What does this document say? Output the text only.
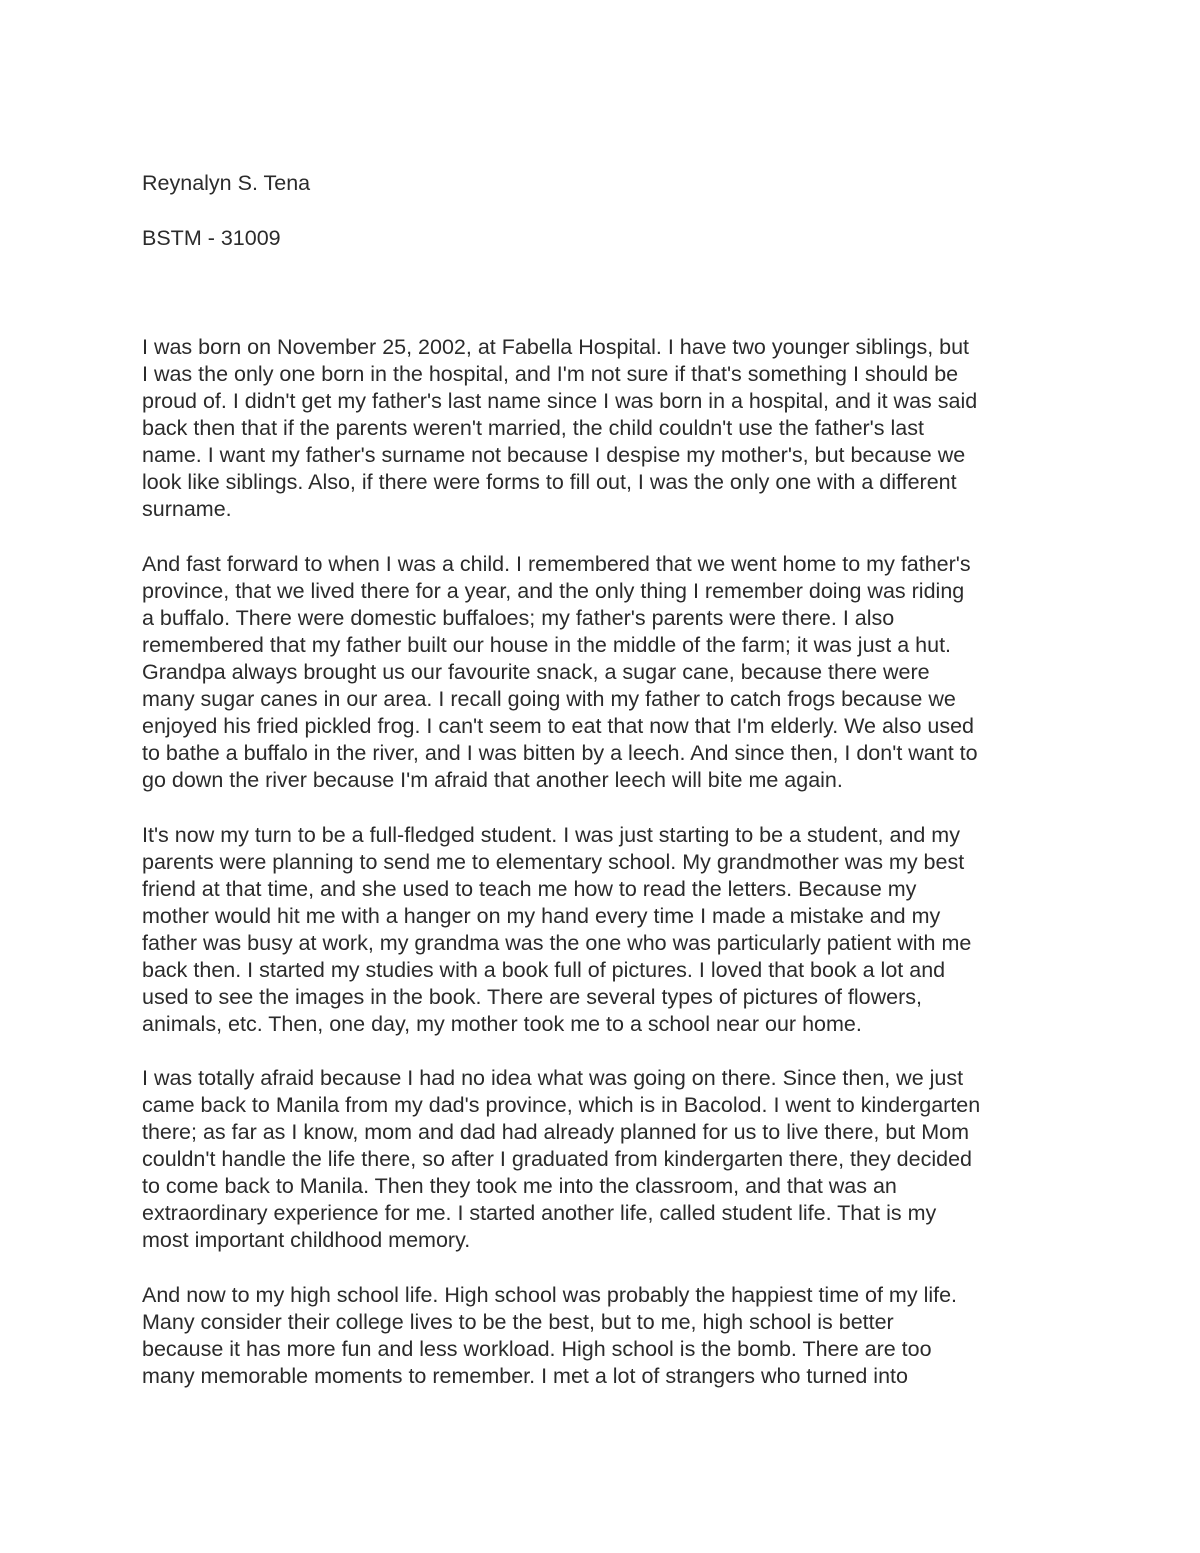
Reynalyn S. Tena
BSTM - 31009
I was born on November 25, 2002, at Fabella Hospital. I have two younger siblings, but
I was the only one born in the hospital, and I'm not sure if that's something I should be
proud of. I didn't get my father's last name since I was born in a hospital, and it was said
back then that if the parents weren't married, the child couldn't use the father's last
name. I want my father's surname not because I despise my mother's, but because we
look like siblings. Also, if there were forms to fill out, I was the only one with a different
surname.
And fast forward to when I was a child. I remembered that we went home to my father's
province, that we lived there for a year, and the only thing I remember doing was riding
a buffalo. There were domestic buffaloes; my father's parents were there. I also
remembered that my father built our house in the middle of the farm; it was just a hut.
Grandpa always brought us our favourite snack, a sugar cane, because there were
many sugar canes in our area. I recall going with my father to catch frogs because we
enjoyed his fried pickled frog. I can't seem to eat that now that I'm elderly. We also used
to bathe a buffalo in the river, and I was bitten by a leech. And since then, I don't want to
go down the river because I'm afraid that another leech will bite me again.
It's now my turn to be a full-fledged student. I was just starting to be a student, and my
parents were planning to send me to elementary school. My grandmother was my best
friend at that time, and she used to teach me how to read the letters. Because my
mother would hit me with a hanger on my hand every time I made a mistake and my
father was busy at work, my grandma was the one who was particularly patient with me
back then. I started my studies with a book full of pictures. I loved that book a lot and
used to see the images in the book. There are several types of pictures of flowers,
animals, etc. Then, one day, my mother took me to a school near our home.
I was totally afraid because I had no idea what was going on there. Since then, we just
came back to Manila from my dad's province, which is in Bacolod. I went to kindergarten
there; as far as I know, mom and dad had already planned for us to live there, but Mom
couldn't handle the life there, so after I graduated from kindergarten there, they decided
to come back to Manila. Then they took me into the classroom, and that was an
extraordinary experience for me. I started another life, called student life. That is my
most important childhood memory.
And now to my high school life. High school was probably the happiest time of my life.
Many consider their college lives to be the best, but to me, high school is better
because it has more fun and less workload. High school is the bomb. There are too
many memorable moments to remember. I met a lot of strangers who turned into
